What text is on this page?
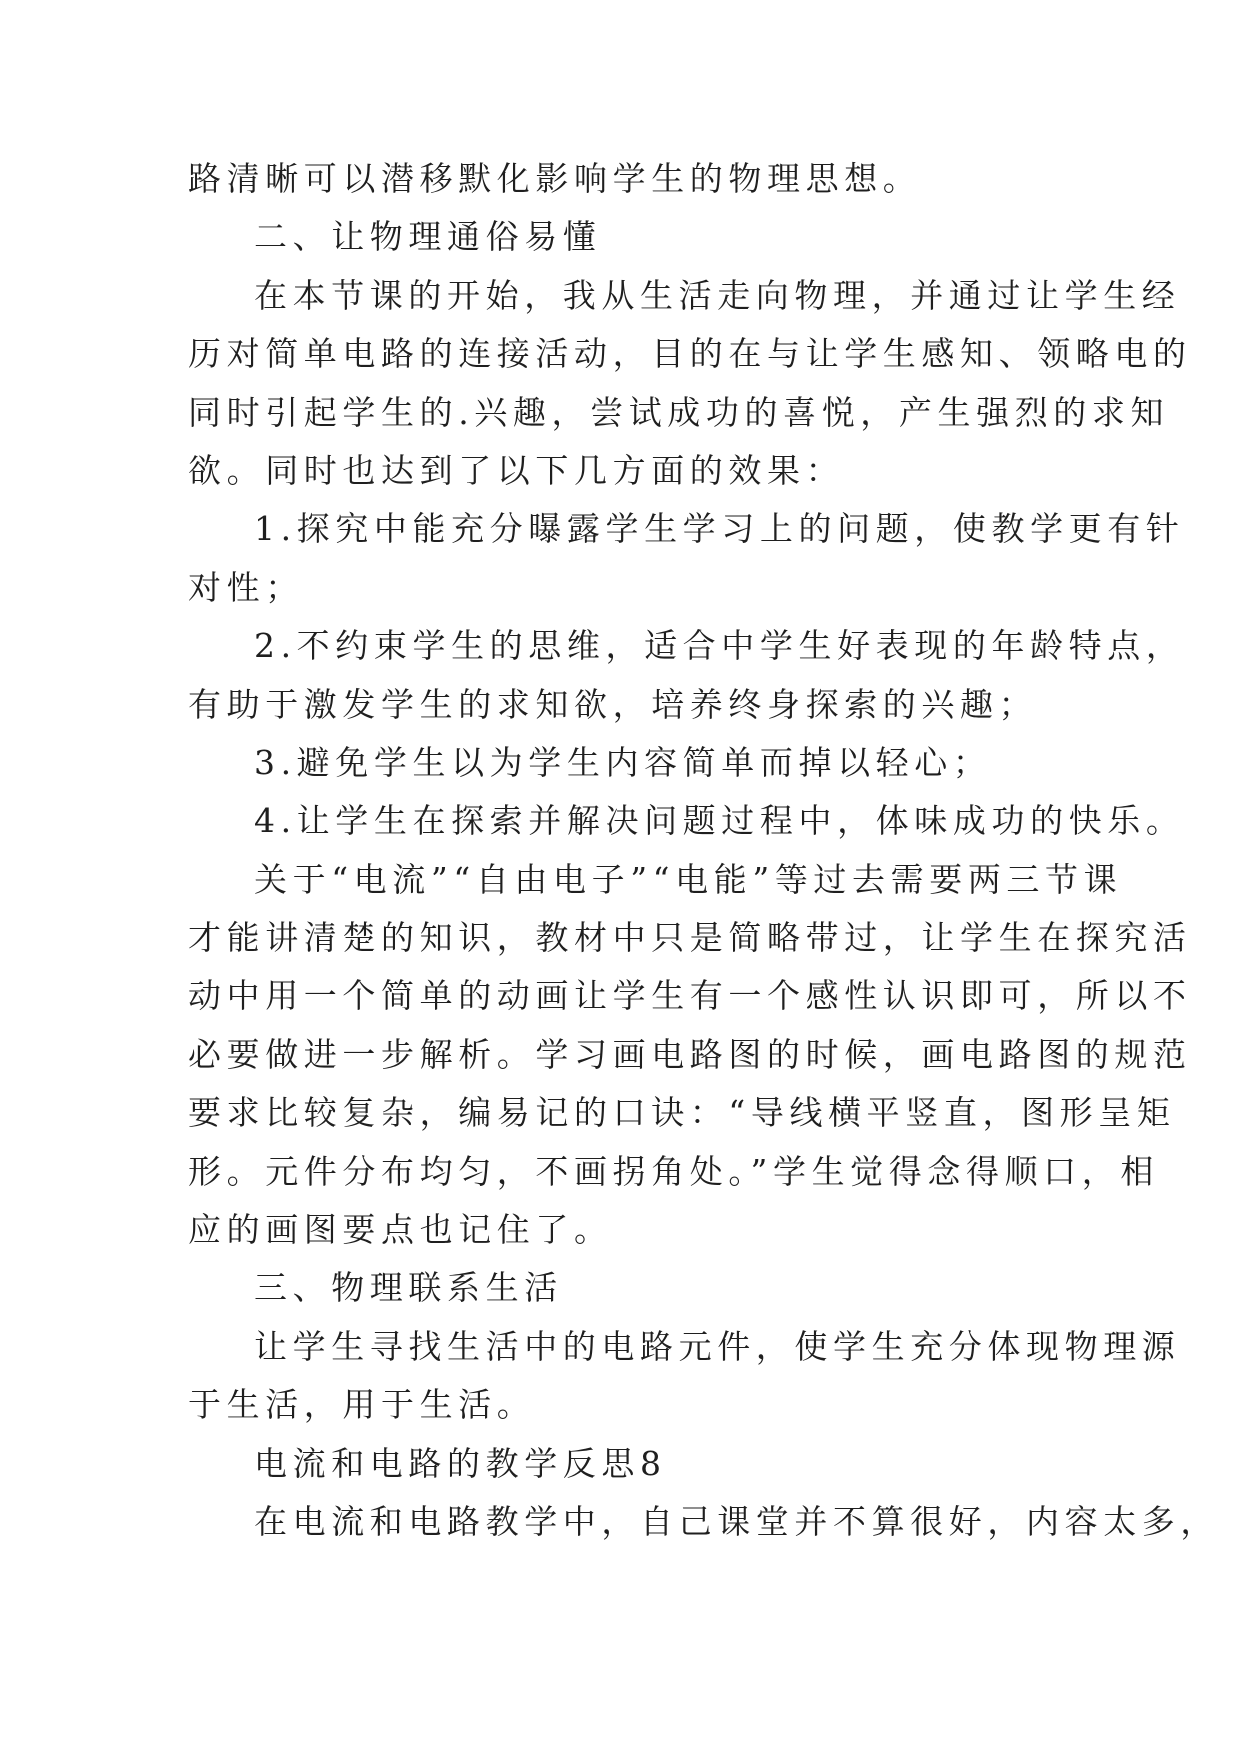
路清晰可以潜移默化影响学生的物理思想。
二、让物理通俗易懂
在本节课的开始，我从生活走向物理，并通过让学生经
历对简单电路的连接活动，目的在与让学生感知、领略电的
同时引起学生的.兴趣，尝试成功的喜悦，产生强烈的求知
欲。同时也达到了以下几方面的效果：
1.探究中能充分曝露学生学习上的问题，使教学更有针
对性；
2.不约束学生的思维，适合中学生好表现的年龄特点，
有助于激发学生的求知欲，培养终身探索的兴趣；
3.避免学生以为学生内容简单而掉以轻心；
4.让学生在探索并解决问题过程中，体味成功的快乐。
关于“电流”“自由电子”“电能”等过去需要两三节课
才能讲清楚的知识，教材中只是简略带过，让学生在探究活
动中用一个简单的动画让学生有一个感性认识即可，所以不
必要做进一步解析。学习画电路图的时候，画电路图的规范
要求比较复杂，编易记的口诀：“导线横平竖直，图形呈矩
形。元件分布均匀，不画拐角处。”学生觉得念得顺口，相
应的画图要点也记住了。
三、物理联系生活
让学生寻找生活中的电路元件，使学生充分体现物理源
于生活，用于生活。
电流和电路的教学反思8
在电流和电路教学中，自己课堂并不算很好，内容太多，
